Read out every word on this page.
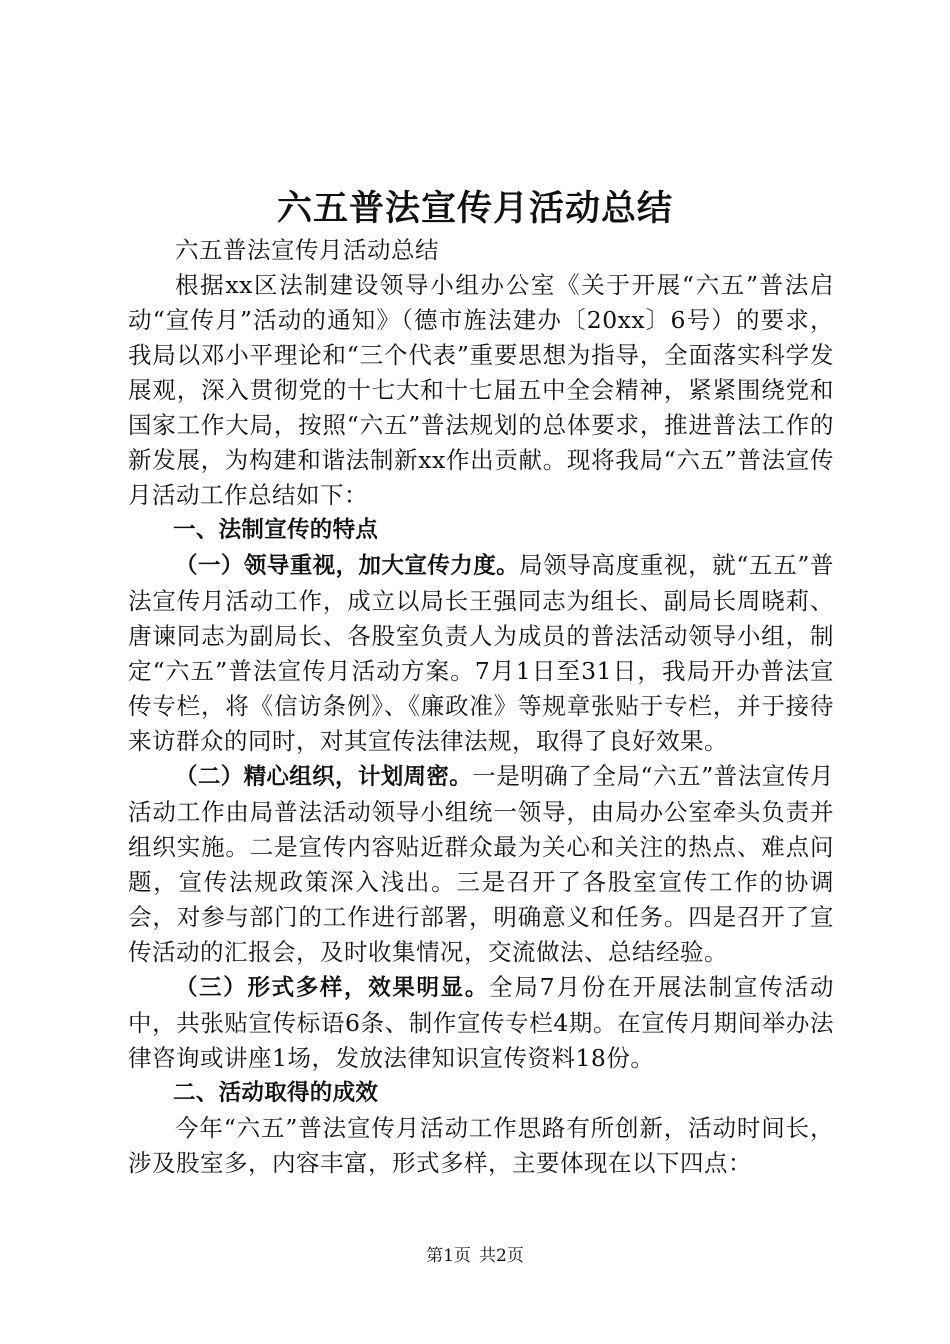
六五普法宣传月活动总结

六五普法宣传月活动总结

根据xx区法制建设领导小组办公室《关于开展“六五”普法启动“宣传月”活动的通知》（德市旌法建办〔20xx〕6号）的要求，我局以邓小平理论和“三个代表”重要思想为指导，全面落实科学发展观，深入贯彻党的十七大和十七届五中全会精神，紧紧围绕党和国家工作大局，按照“六五”普法规划的总体要求，推进普法工作的新发展，为构建和谐法制新xx作出贡献。现将我局“六五”普法宣传月活动工作总结如下：

一、法制宣传的特点

（一）领导重视，加大宣传力度。局领导高度重视，就“五五”普法宣传月活动工作，成立以局长王强同志为组长、副局长周晓莉、唐谏同志为副局长、各股室负责人为成员的普法活动领导小组，制定“六五”普法宣传月活动方案。7月1日至31日，我局开办普法宣传专栏，将《信访条例》、《廉政准》等规章张贴于专栏，并于接待来访群众的同时，对其宣传法律法规，取得了良好效果。

（二）精心组织，计划周密。一是明确了全局“六五”普法宣传月活动工作由局普法活动领导小组统一领导，由局办公室牵头负责并组织实施。二是宣传内容贴近群众最为关心和关注的热点、难点问题，宣传法规政策深入浅出。三是召开了各股室宣传工作的协调会，对参与部门的工作进行部署，明确意义和任务。四是召开了宣传活动的汇报会，及时收集情况，交流做法、总结经验。

（三）形式多样，效果明显。全局7月份在开展法制宣传活动中，共张贴宣传标语6条、制作宣传专栏4期。在宣传月期间举办法律咨询或讲座1场，发放法律知识宣传资料18份。

二、活动取得的成效

今年“六五”普法宣传月活动工作思路有所创新，活动时间长，涉及股室多，内容丰富，形式多样，主要体现在以下四点：

第1页 共2页
